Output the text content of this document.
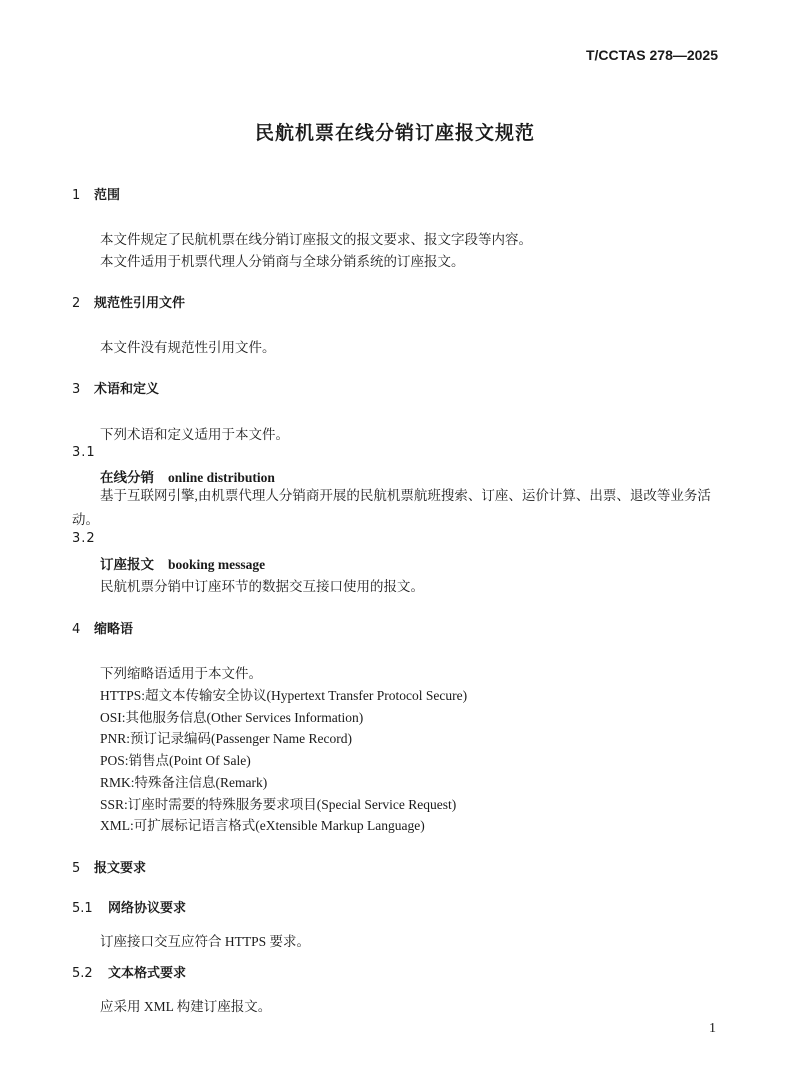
T/CCTAS 278—2025
民航机票在线分销订座报文规范
1 范围
本文件规定了民航机票在线分销订座报文的报文要求、报文字段等内容。
本文件适用于机票代理人分销商与全球分销系统的订座报文。
2 规范性引用文件
本文件没有规范性引用文件。
3 术语和定义
下列术语和定义适用于本文件。
3.1
在线分销 online distribution
基于互联网引擎,由机票代理人分销商开展的民航机票航班搜索、订座、运价计算、出票、退改等业务活动。
3.2
订座报文 booking message
民航机票分销中订座环节的数据交互接口使用的报文。
4 缩略语
下列缩略语适用于本文件。
HTTPS:超文本传输安全协议(Hypertext Transfer Protocol Secure)
OSI:其他服务信息(Other Services Information)
PNR:预订记录编码(Passenger Name Record)
POS:销售点(Point Of Sale)
RMK:特殊备注信息(Remark)
SSR:订座时需要的特殊服务要求项目(Special Service Request)
XML:可扩展标记语言格式(eXtensible Markup Language)
5 报文要求
5.1 网络协议要求
订座接口交互应符合 HTTPS 要求。
5.2 文本格式要求
应采用 XML 构建订座报文。
1
